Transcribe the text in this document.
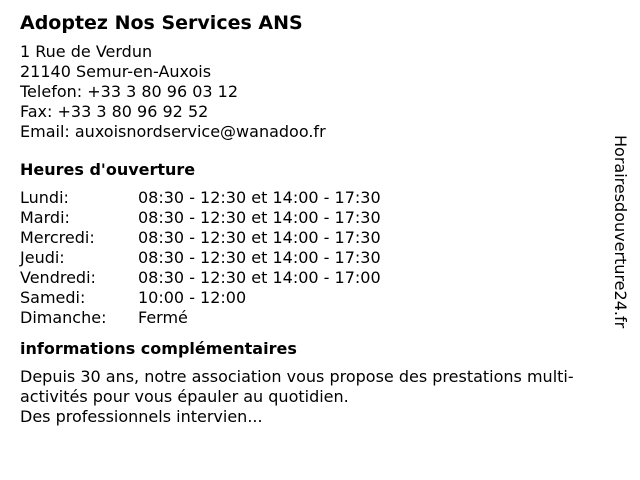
Adoptez Nos Services ANS
1 Rue de Verdun
21140 Semur-en-Auxois
Telefon: +33 3 80 96 03 12
Fax: +33 3 80 96 92 52
Email: auxoisnordservice@wanadoo.fr
Heures d'ouverture
Lundi:	08:30 - 12:30 et 14:00 - 17:30
Mardi:	08:30 - 12:30 et 14:00 - 17:30
Mercredi:	08:30 - 12:30 et 14:00 - 17:30
Jeudi:	08:30 - 12:30 et 14:00 - 17:30
Vendredi:	08:30 - 12:30 et 14:00 - 17:00
Samedi:	10:00 - 12:00
Dimanche:	Fermé
informations complémentaires
Depuis 30 ans, notre association vous propose des prestations multi-activités pour vous épauler au quotidien.
Des professionnels intervien...
Horairesdouverture24.fr
